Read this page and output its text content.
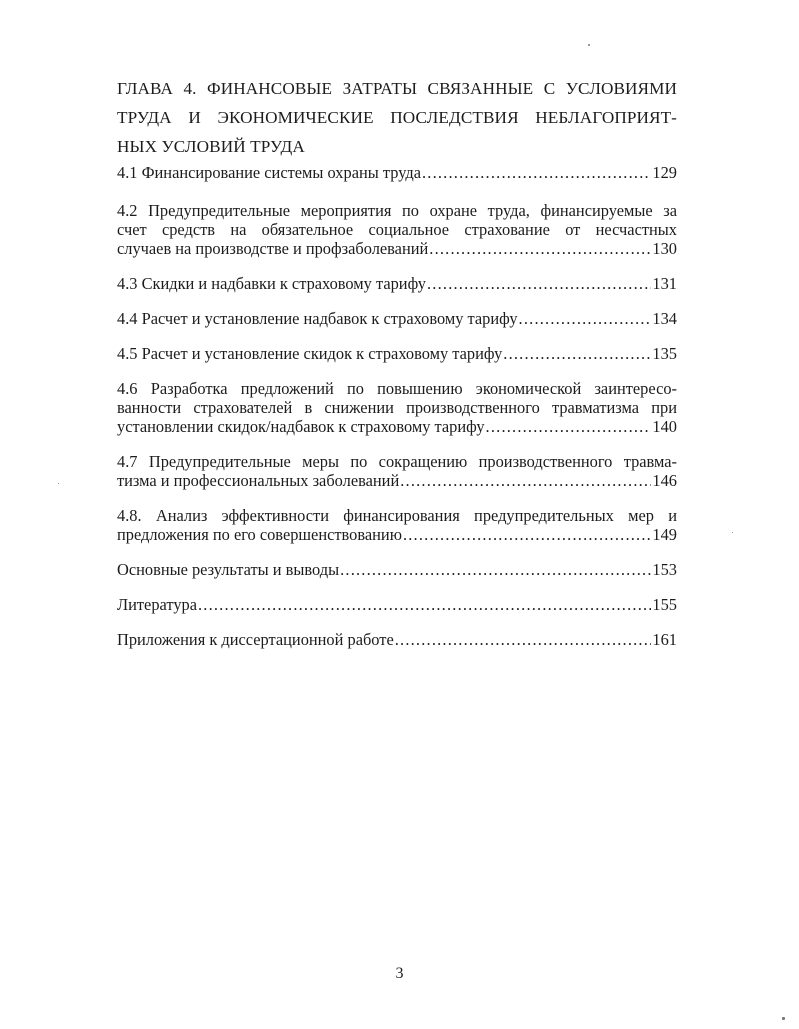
ГЛАВА 4. ФИНАНСОВЫЕ ЗАТРАТЫ СВЯЗАННЫЕ С УСЛОВИЯМИ
ТРУДА И ЭКОНОМИЧЕСКИЕ ПОСЛЕДСТВИЯ НЕБЛАГОПРИЯТ-
НЫХ УСЛОВИЙ ТРУДА
4.1 Финансирование системы охраны труда .....	129
4.2 Предупредительные мероприятия по охране труда, финансируемые за
счет средств на обязательное социальное страхование от несчастных
случаев на производстве и профзаболеваний .....	130
4.3 Скидки и надбавки к страховому тарифу .....	131
4.4 Расчет и установление надбавок к страховому тарифу .....	134
4.5 Расчет и установление скидок к страховому тарифу .....	135
4.6 Разработка предложений по повышению экономической заинтересо-
ванности страхователей в снижении производственного травматизма при
установлении скидок/надбавок к страховому тарифу .....	140
4.7 Предупредительные меры по сокращению производственного травма-
тизма и профессиональных заболеваний .....	146
4.8. Анализ эффективности финансирования предупредительных мер и
предложения по его совершенствованию .....	149
Основные результаты и выводы .....	153
Литература .....	155
Приложения к диссертационной работе .....	161
3
